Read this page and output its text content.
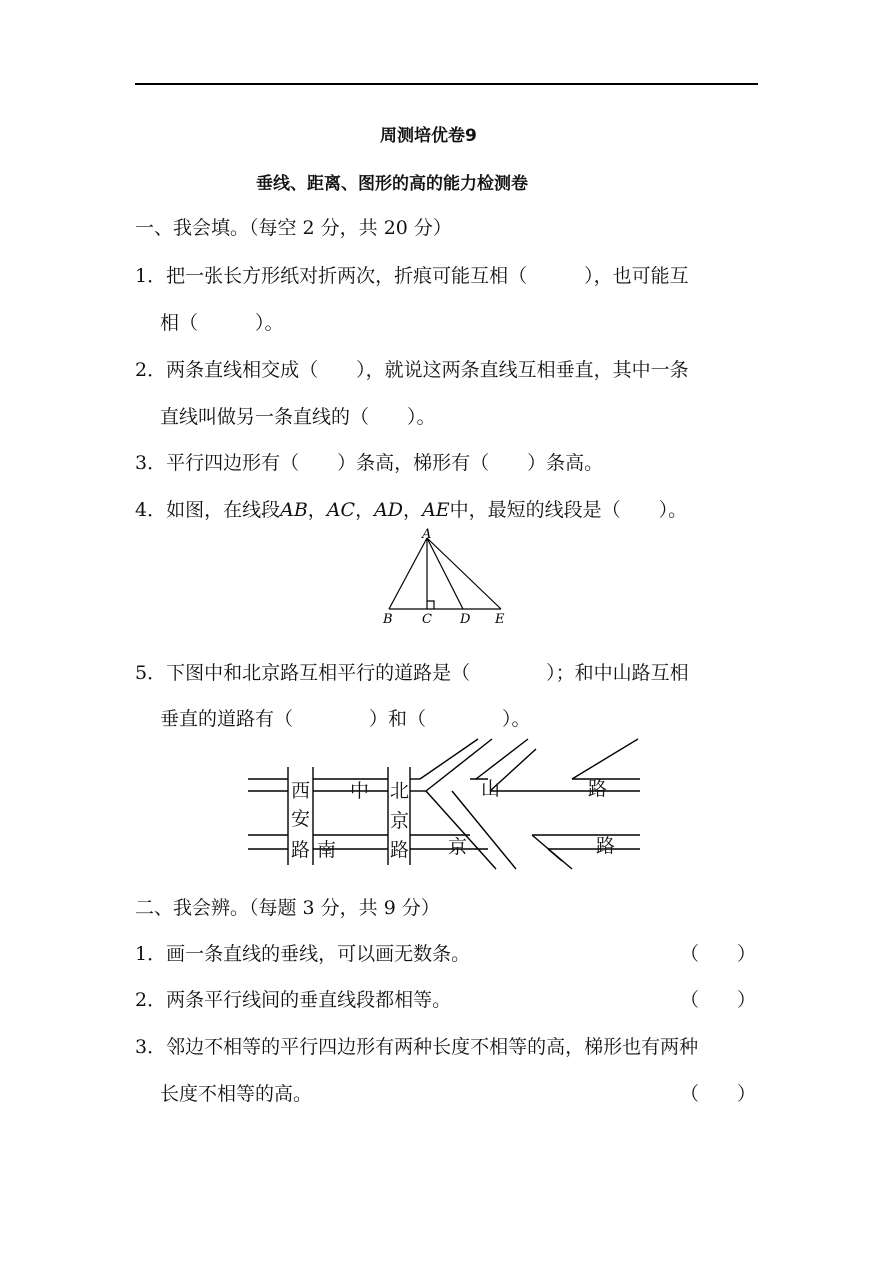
周测培优卷9
垂线、距离、图形的高的能力检测卷
一、我会填。（每空 2 分，共 20 分）
1．把一张长方形纸对折两次，折痕可能互相（　　　），也可能互
相（　　　）。
2．两条直线相交成（　　），就说这两条直线互相垂直，其中一条
直线叫做另一条直线的（　　）。
3．平行四边形有（　　）条高，梯形有（　　）条高。
4．如图，在线段AB，AC，AD，AE中，最短的线段是（　　）。
A
B C D E
5．下图中和北京路互相平行的道路是（　　　　）；和中山路互相
垂直的道路有（　　　　）和（　　　　）。
西
安
路 南
中 北
京
路 京
山	路
路
二、我会辨。（每题 3 分，共 9 分）
1．画一条直线的垂线，可以画无数条。	（　　）
2．两条平行线间的垂直线段都相等。	（　　）
3．邻边不相等的平行四边形有两种长度不相等的高，梯形也有两种
长度不相等的高。	（　　）
